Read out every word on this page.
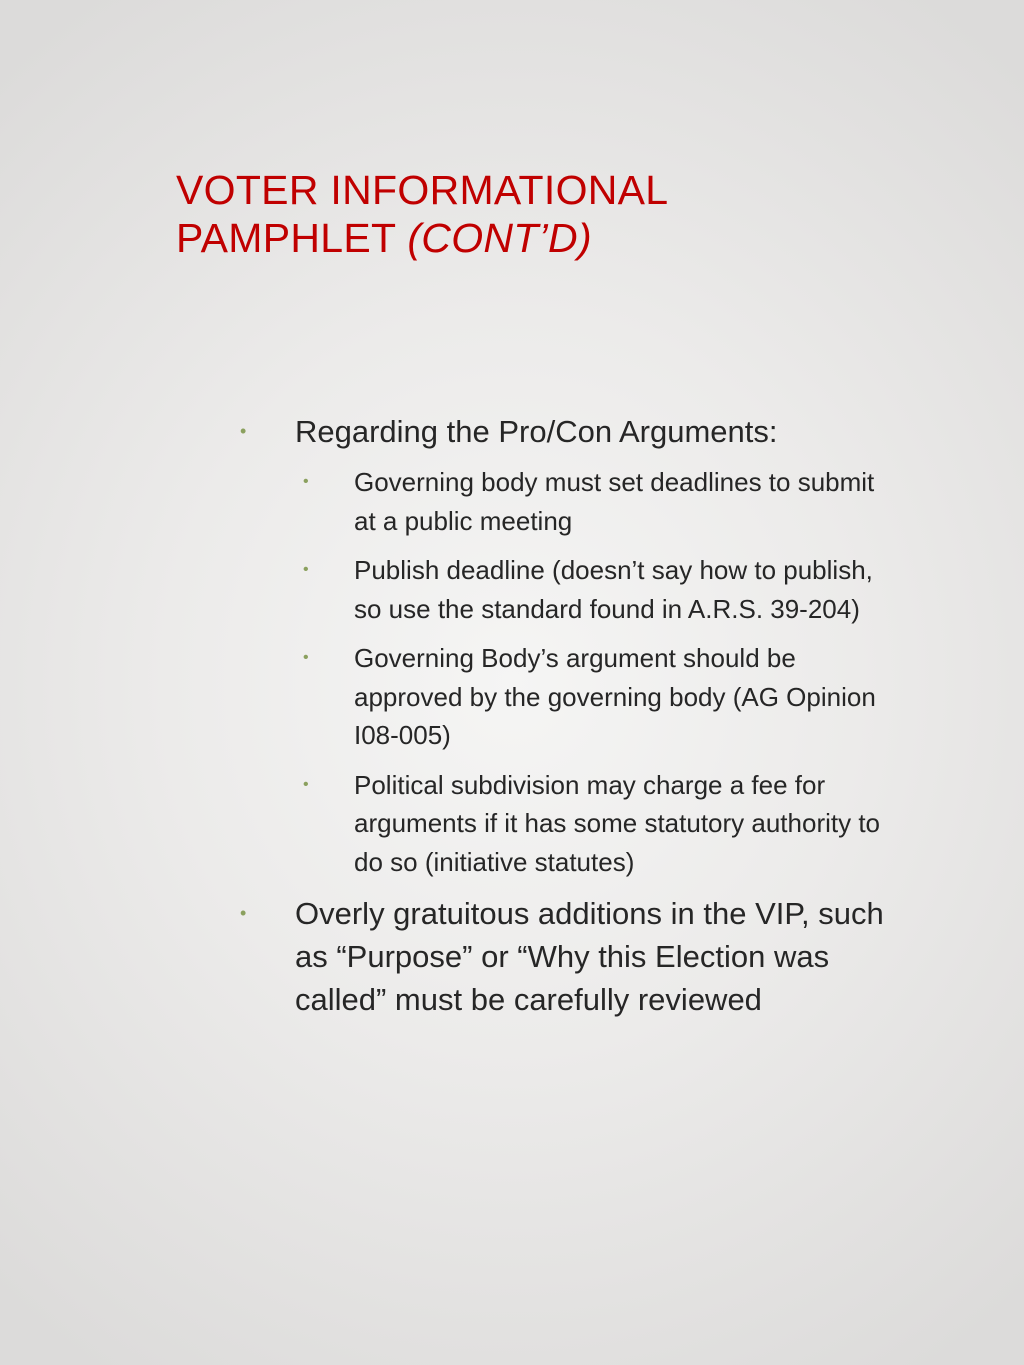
VOTER INFORMATIONAL
PAMPHLET (CONT’D)
• Regarding the Pro/Con Arguments:
• Governing body must set deadlines to submit at a public meeting
• Publish deadline (doesn’t say how to publish, so use the standard found in A.R.S. 39-204)
• Governing Body’s argument should be approved by the governing body (AG Opinion I08-005)
• Political subdivision may charge a fee for arguments if it has some statutory authority to do so (initiative statutes)
• Overly gratuitous additions in the VIP, such as “Purpose” or “Why this Election was called” must be carefully reviewed
